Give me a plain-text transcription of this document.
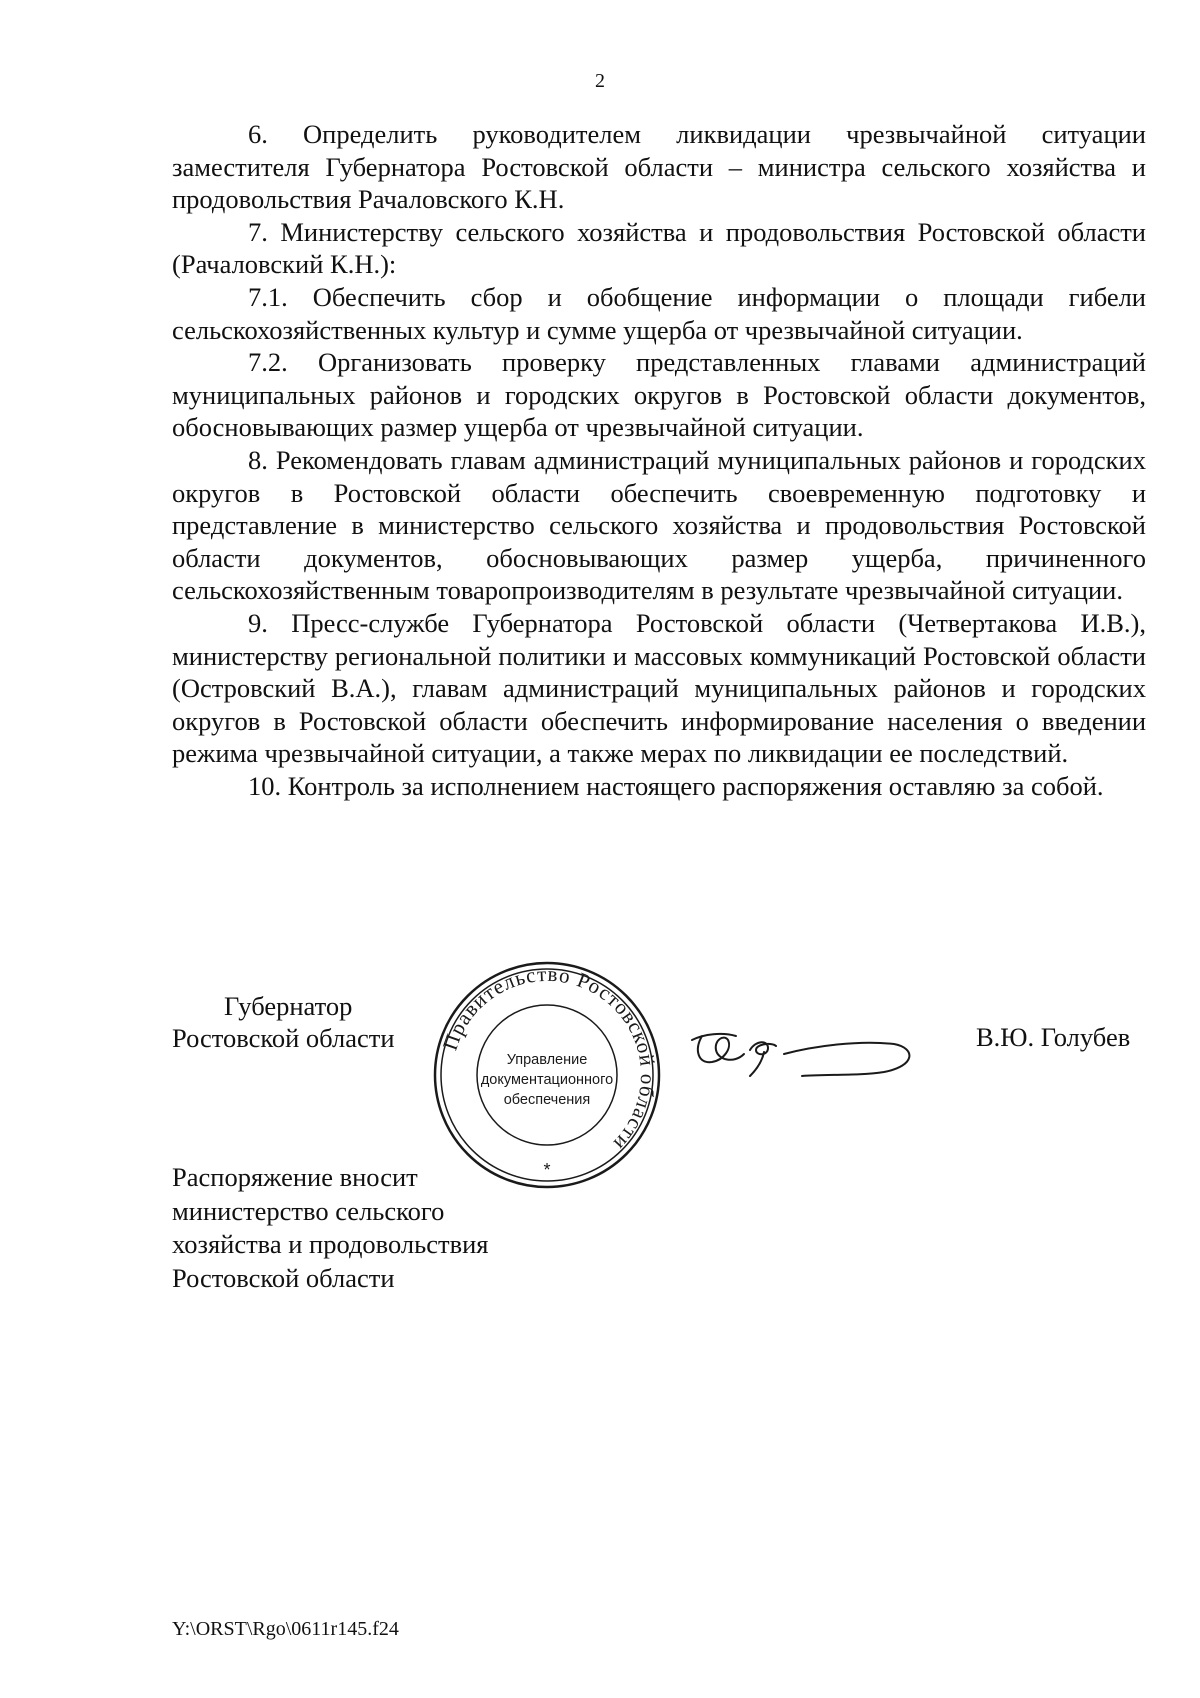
2

6. Определить руководителем ликвидации чрезвычайной ситуации заместителя Губернатора Ростовской области – министра сельского хозяйства и продовольствия Рачаловского К.Н.

7. Министерству сельского хозяйства и продовольствия Ростовской области (Рачаловский К.Н.):

7.1. Обеспечить сбор и обобщение информации о площади гибели сельскохозяйственных культур и сумме ущерба от чрезвычайной ситуации.

7.2. Организовать проверку представленных главами администраций муниципальных районов и городских округов в Ростовской области документов, обосновывающих размер ущерба от чрезвычайной ситуации.

8. Рекомендовать главам администраций муниципальных районов и городских округов в Ростовской области обеспечить своевременную подготовку и представление в министерство сельского хозяйства и продовольствия Ростовской области документов, обосновывающих размер ущерба, причиненного сельскохозяйственным товаропроизводителям в результате чрезвычайной ситуации.

9. Пресс-службе Губернатора Ростовской области (Четвертакова И.В.), министерству региональной политики и массовых коммуникаций Ростовской области (Островский В.А.), главам администраций муниципальных районов и городских округов в Ростовской области обеспечить информирование населения о введении режима чрезвычайной ситуации, а также мерах по ликвидации ее последствий.

10. Контроль за исполнением настоящего распоряжения оставляю за собой.

Губернатор
Ростовской области Правительство Ростовской области
Управление
документационного
обеспечения
*
В.Ю. Голубев
Распоряжение вносит
министерство сельского
хозяйства и продовольствия
Ростовской области
Y:\ORST\Rgo\0611r145.f24
